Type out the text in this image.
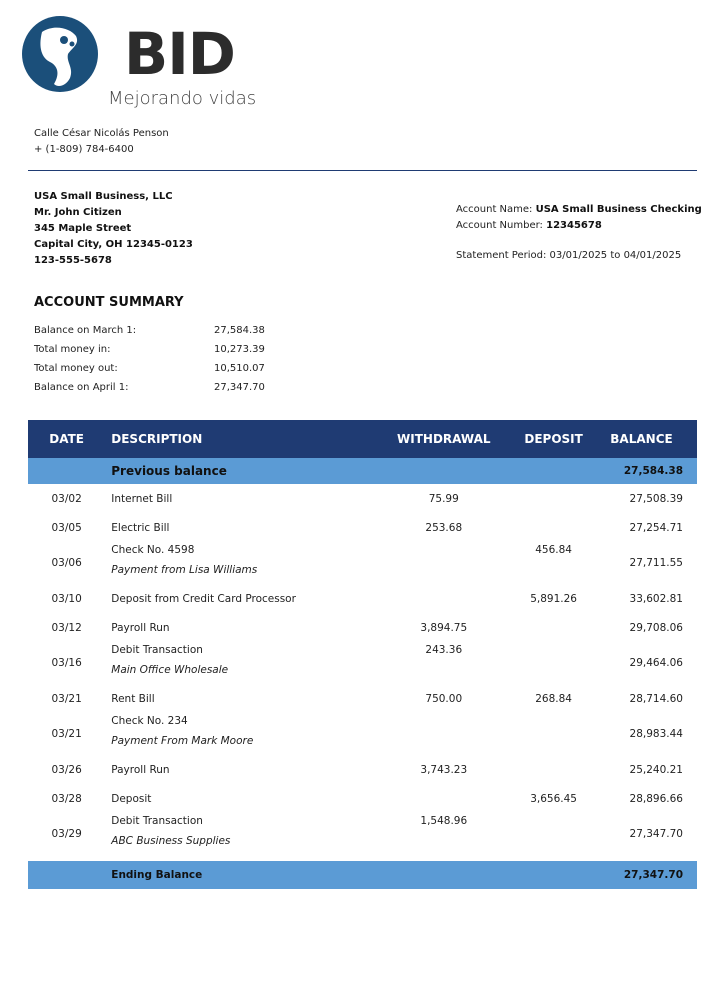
BID
Mejorando vidas
Calle César Nicolás Penson
+ (1-809) 784-6400
USA Small Business, LLC
Mr. John Citizen
345 Maple Street
Capital City, OH 12345-0123
123-555-5678
Account Name: USA Small Business Checking
Account Number: 12345678
Statement Period: 03/01/2025 to 04/01/2025
ACCOUNT SUMMARY
Balance on March 1:	27,584.38
Total money in:	10,273.39
Total money out:	10,510.07
Balance on April 1:	27,347.70
DATE	DESCRIPTION	WITHDRAWAL	DEPOSIT	BALANCE
	Previous balance			27,584.38
03/02	Internet Bill	75.99		27,508.39
03/05	Electric Bill	253.68		27,254.71
03/06	Check No. 4598
Payment from Lisa Williams		456.84	27,711.55
03/10	Deposit from Credit Card Processor		5,891.26	33,602.81
03/12	Payroll Run	3,894.75		29,708.06
03/16	Debit Transaction
Main Office Wholesale	243.36		29,464.06
03/21	Rent Bill	750.00	268.84	28,714.60
03/21	Check No. 234
Payment From Mark Moore			28,983.44
03/26	Payroll Run	3,743.23		25,240.21
03/28	Deposit		3,656.45	28,896.66
03/29	Debit Transaction
ABC Business Supplies	1,548.96		27,347.70

	Ending Balance			27,347.70
